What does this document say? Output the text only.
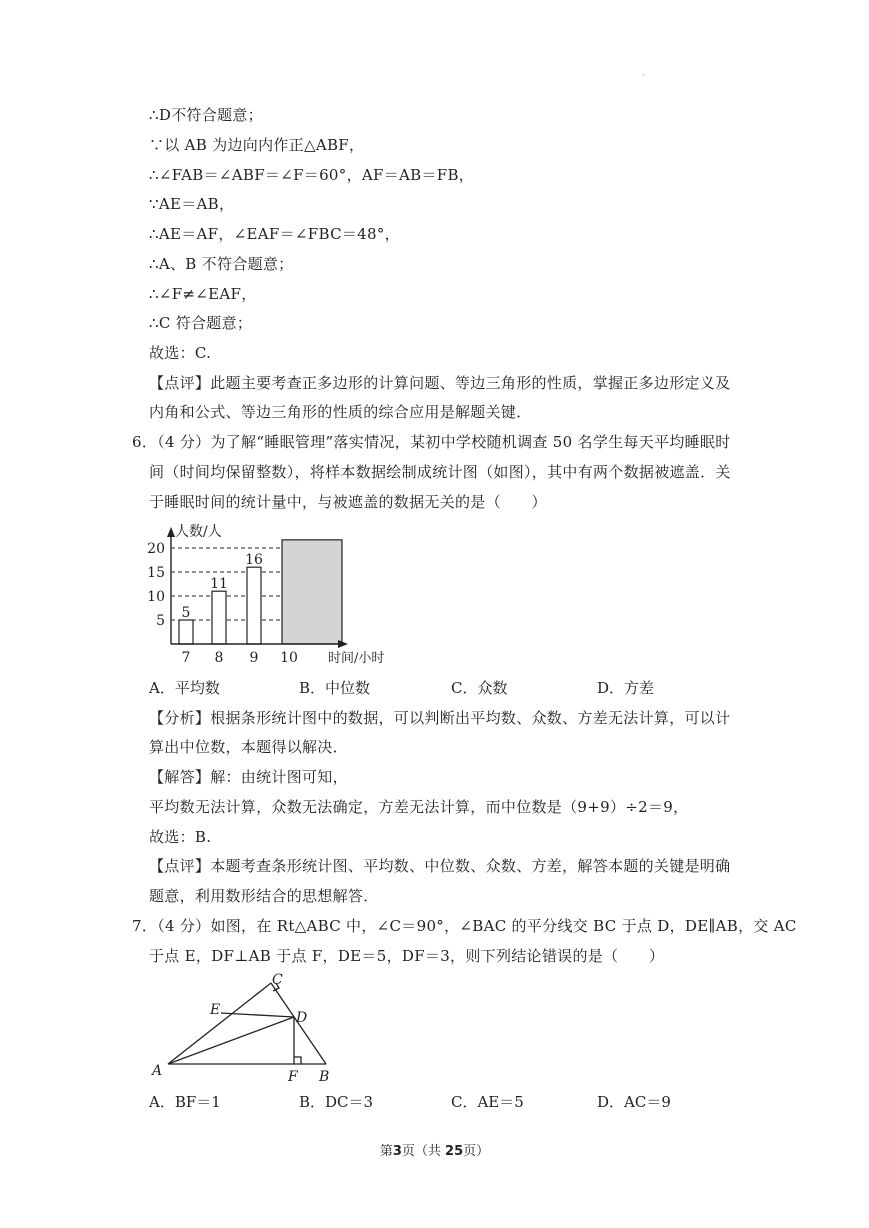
·
∴D不符合题意；
∵以 AB 为边向内作正△ABF，
∴∠FAB＝∠ABF＝∠F＝60°，AF＝AB＝FB，
∵AE＝AB，
∴AE＝AF，∠EAF＝∠FBC＝48°，
∴A、B 不符合题意；
∴∠F≠∠EAF，
∴C 符合题意；
故选：C.
【点评】此题主要考查正多边形的计算问题、等边三角形的性质，掌握正多边形定义及
内角和公式、等边三角形的性质的综合应用是解题关键．
6．（4 分）为了解“睡眠管理”落实情况，某初中学校随机调查 50 名学生每天平均睡眠时
间（时间均保留整数），将样本数据绘制成统计图（如图），其中有两个数据被遮盖．关
于睡眠时间的统计量中，与被遮盖的数据无关的是（　　）
5
11
16
5
10
15
20
7 8 9 10
人数/人
时间/小时
A．平均数	B．中位数	C．众数	D．方差
【分析】根据条形统计图中的数据，可以判断出平均数、众数、方差无法计算，可以计
算出中位数，本题得以解决．
【解答】解：由统计图可知，
平均数无法计算，众数无法确定，方差无法计算，而中位数是（9+9）÷2＝9，
故选：B.
【点评】本题考查条形统计图、平均数、中位数、众数、方差，解答本题的关键是明确
题意，利用数形结合的思想解答．
7．（4 分）如图，在 Rt△ABC 中，∠C＝90°，∠BAC 的平分线交 BC 于点 D，DE∥AB，交 AC
于点 E，DF⊥AB 于点 F，DE＝5，DF＝3，则下列结论错误的是（　　）
C
E	D
A	F B
A．BF＝1	B．DC＝3	C．AE＝5	D．AC＝9
第3页（共 25页）
